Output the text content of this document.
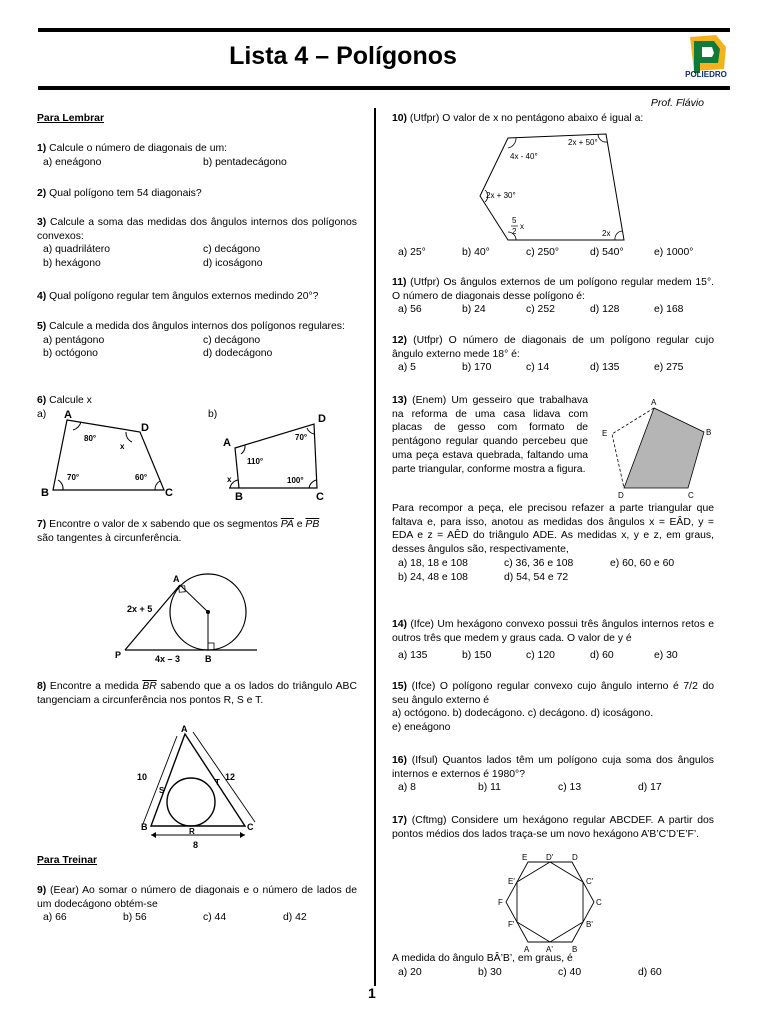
Lista 4 – Polígonos
POLIEDRO
Prof. Flávio
Para Lembrar

1) Calcule o número de diagonais de um:

a) eneágono	b) pentadecágono

2) Qual polígono tem 54 diagonais?

3) Calcule a soma das medidas dos ângulos internos dos polígonos convexos:

a) quadrilátero	c) decágono
b) hexágono	d) icoságono

4) Qual polígono regular tem ângulos externos medindo 20°?

5) Calcule a medida dos ângulos internos dos polígonos regulares:

a) pentágono	c) decágono
b) octógono	d) dodecágono

6) Calcule x

a)	b)
A
D
B	C
80°
x
70°	60°
A
D
B	C
110°
70°
x	100°

7) Encontre o valor de x sabendo que os segmentos $\overline{PA}$ e $\overline{PB}$
são tangentes à circunferência.

A
P	B
2x + 5
4x – 3

8) Encontre a medida $\overline{BR}$ sabendo que a os lados do triângulo ABC tangenciam a circunferência nos pontos R, S e T.

A
B	C
S
T
R
10	12
8
Para Treinar

9) (Eear) Ao somar o número de diagonais e o número de lados de um dodecágono obtém-se

a) 66	b) 56	c) 44	d) 42

10) (Utfpr) O valor de x no pentágono abaixo é igual a:

2x + 50°
4x - 40°
2x + 30°
5
2
x
2x
a) 25°	b) 40°	c) 250°	d) 540°	e) 1000°

11) (Utfpr) Os ângulos externos de um polígono regular medem 15°. O número de diagonais desse polígono é:

a) 56	b) 24	c) 252	d) 128	e) 168

12) (Utfpr) O número de diagonais de um polígono regular cujo ângulo externo mede 18° é:

a) 5	b) 170	c) 14	d) 135	e) 275

13) (Enem) Um gesseiro que trabalhava na reforma de uma casa lidava com placas de gesso com formato de pentágono regular quando percebeu que uma peça estava quebrada, faltando uma parte triangular, conforme mostra a figura.

A
B
C
D
E

Para recompor a peça, ele precisou refazer a parte triangular que faltava e, para isso, anotou as medidas dos ângulos x = EÂD, y = EDA e z = AÊD do triângulo ADE. As medidas x, y e z, em graus, desses ângulos são, respectivamente,

a) 18, 18 e 108	c) 36, 36 e 108	e) 60, 60 e 60
b) 24, 48 e 108	d) 54, 54 e 72

14) (Ifce) Um hexágono convexo possui três ângulos internos retos e outros três que medem y graus cada. O valor de y é

a) 135	b) 150	c) 120	d) 60	e) 30

15) (Ifce) O polígono regular convexo cujo ângulo interno é 7/2 do seu ângulo externo é

a) octógono. b) dodecágono. c) decágono. d) icoságono.

e) eneágono

16) (Ifsul) Quantos lados têm um polígono cuja soma dos ângulos internos e externos é 1980°?

a) 8	b) 11	c) 13	d) 17

17) (Cftmg) Considere um hexágono regular ABCDEF. A partir dos pontos médios dos lados traça-se um novo hexágono A’B’C’D’E’F’.

E D' D
E'	C'
F	C
F'	B'
A A' B

A medida do ângulo BÂ’B’, em graus, é

a) 20	b) 30	c) 40	d) 60
1
